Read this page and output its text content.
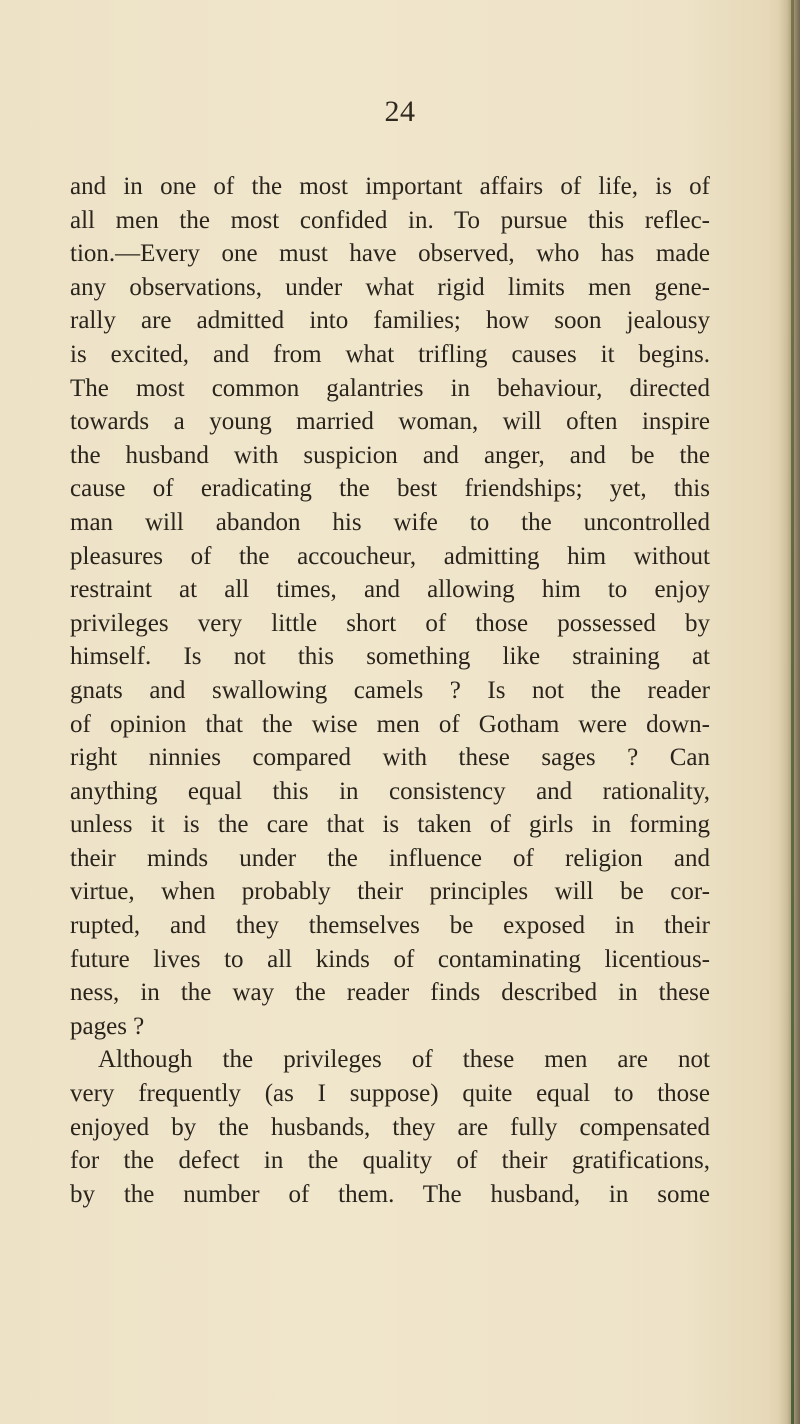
24
and in one of the most important affairs of life, is of
all men the most confided in. To pursue this reflec-
tion.—Every one must have observed, who has made
any observations, under what rigid limits men gene-
rally are admitted into families; how soon jealousy
is excited, and from what trifling causes it begins.
The most common galantries in behaviour, directed
towards a young married woman, will often inspire
the husband with suspicion and anger, and be the
cause of eradicating the best friendships; yet, this
man will abandon his wife to the uncontrolled
pleasures of the accoucheur, admitting him without
restraint at all times, and allowing him to enjoy
privileges very little short of those possessed by
himself. Is not this something like straining at
gnats and swallowing camels ? Is not the reader
of opinion that the wise men of Gotham were down-
right ninnies compared with these sages ? Can
anything equal this in consistency and rationality,
unless it is the care that is taken of girls in forming
their minds under the influence of religion and
virtue, when probably their principles will be cor-
rupted, and they themselves be exposed in their
future lives to all kinds of contaminating licentious-
ness, in the way the reader finds described in these
pages ?
Although the privileges of these men are not
very frequently (as I suppose) quite equal to those
enjoyed by the husbands, they are fully compensated
for the defect in the quality of their gratifications,
by the number of them. The husband, in some
